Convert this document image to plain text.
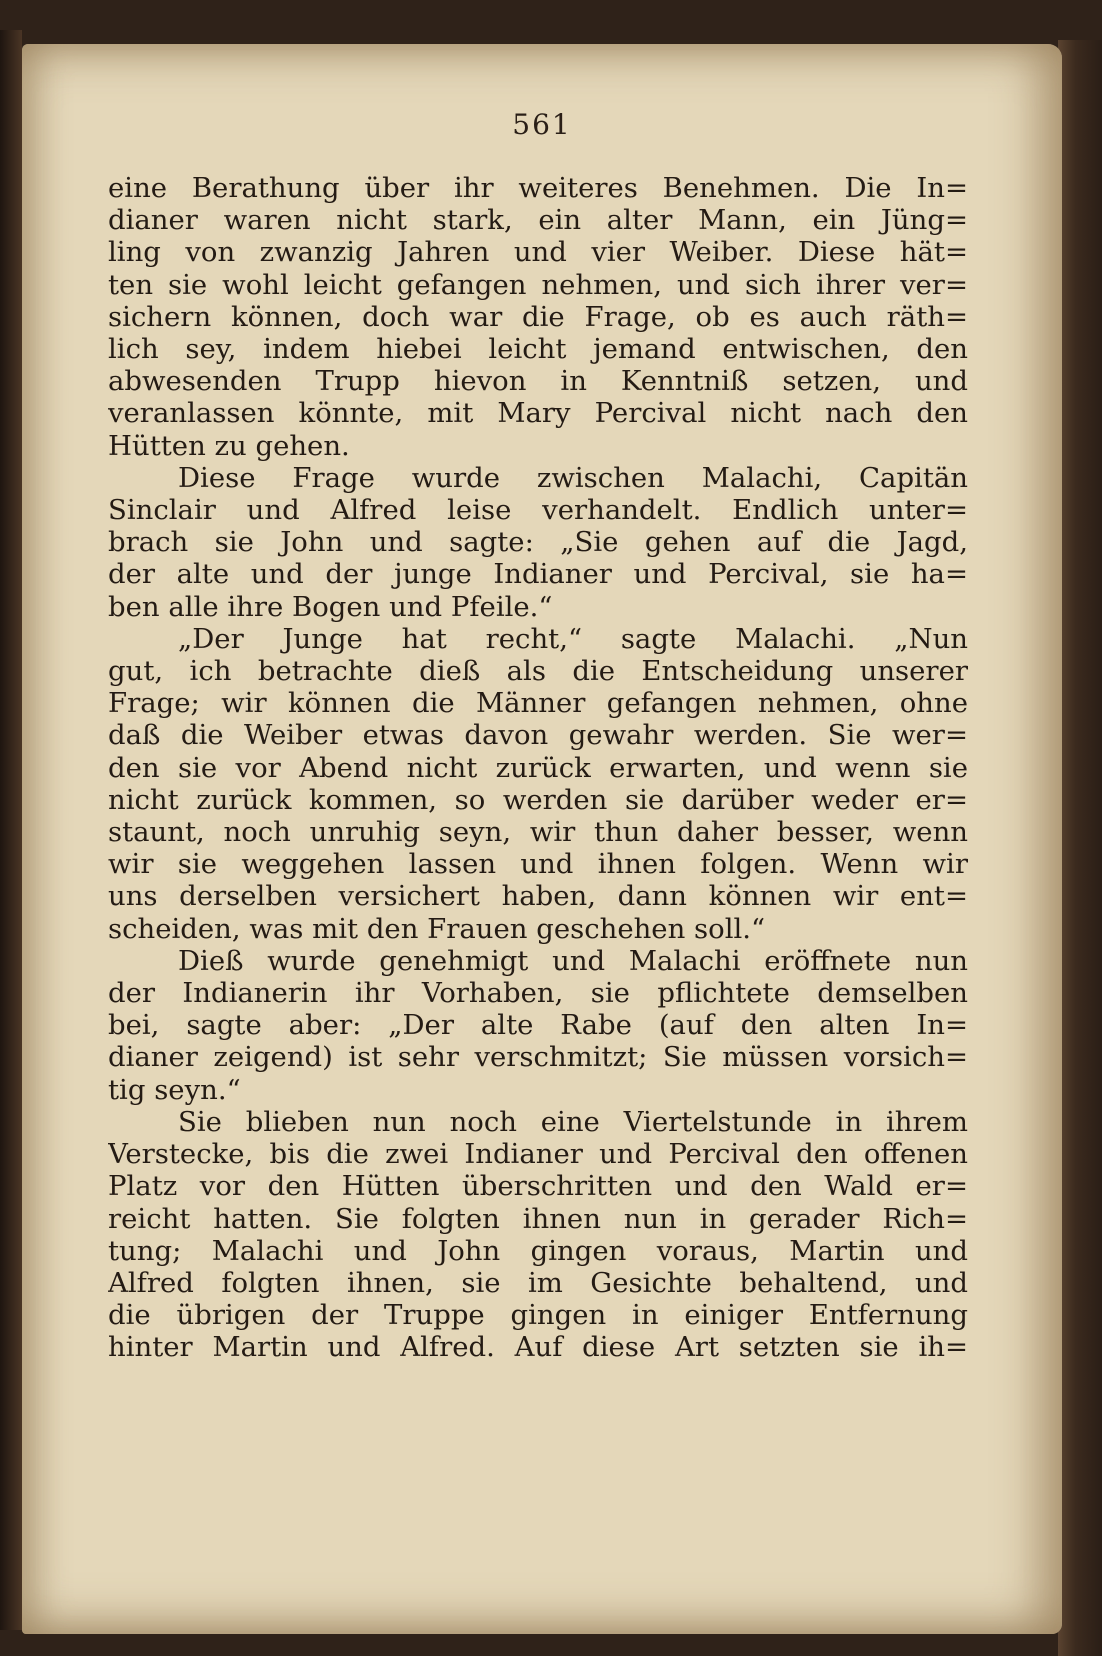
561
eine Berathung über ihr weiteres Benehmen. Die In=
dianer waren nicht stark, ein alter Mann, ein Jüng=
ling von zwanzig Jahren und vier Weiber. Diese hät=
ten sie wohl leicht gefangen nehmen, und sich ihrer ver=
sichern können, doch war die Frage, ob es auch räth=
lich sey, indem hiebei leicht jemand entwischen, den
abwesenden Trupp hievon in Kenntniß setzen, und
veranlassen könnte, mit Mary Percival nicht nach den
Hütten zu gehen.
Diese Frage wurde zwischen Malachi, Capitän
Sinclair und Alfred leise verhandelt. Endlich unter=
brach sie John und sagte: „Sie gehen auf die Jagd,
der alte und der junge Indianer und Percival, sie ha=
ben alle ihre Bogen und Pfeile.“
„Der Junge hat recht,“ sagte Malachi. „Nun
gut, ich betrachte dieß als die Entscheidung unserer
Frage; wir können die Männer gefangen nehmen, ohne
daß die Weiber etwas davon gewahr werden. Sie wer=
den sie vor Abend nicht zurück erwarten, und wenn sie
nicht zurück kommen, so werden sie darüber weder er=
staunt, noch unruhig seyn, wir thun daher besser, wenn
wir sie weggehen lassen und ihnen folgen. Wenn wir
uns derselben versichert haben, dann können wir ent=
scheiden, was mit den Frauen geschehen soll.“
Dieß wurde genehmigt und Malachi eröffnete nun
der Indianerin ihr Vorhaben, sie pflichtete demselben
bei, sagte aber: „Der alte Rabe (auf den alten In=
dianer zeigend) ist sehr verschmitzt; Sie müssen vorsich=
tig seyn.“
Sie blieben nun noch eine Viertelstunde in ihrem
Verstecke, bis die zwei Indianer und Percival den offenen
Platz vor den Hütten überschritten und den Wald er=
reicht hatten. Sie folgten ihnen nun in gerader Rich=
tung; Malachi und John gingen voraus, Martin und
Alfred folgten ihnen, sie im Gesichte behaltend, und
die übrigen der Truppe gingen in einiger Entfernung
hinter Martin und Alfred. Auf diese Art setzten sie ih=
